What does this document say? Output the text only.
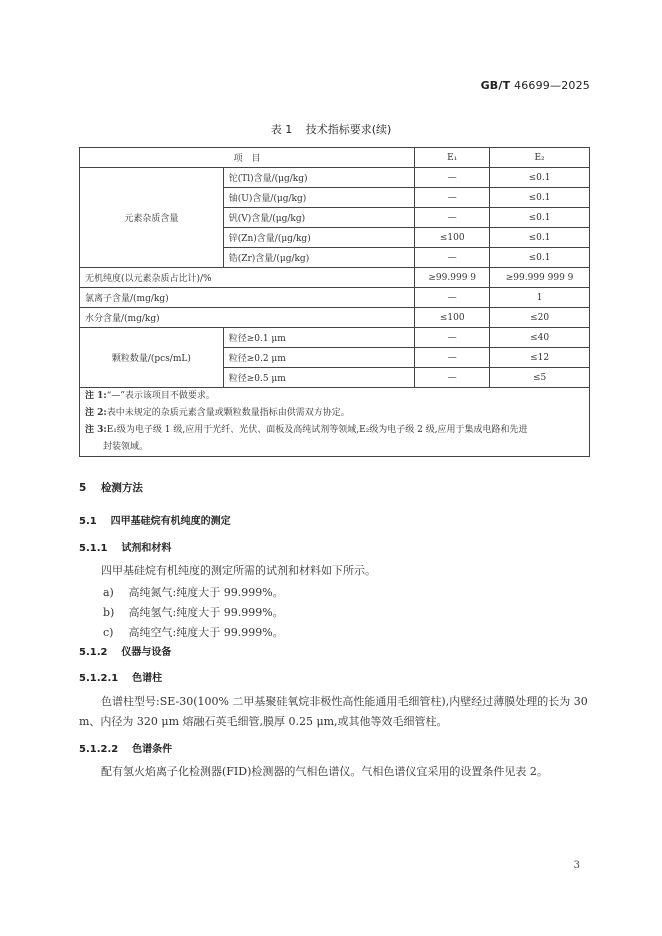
GB/T 46699—2025
表 1 技术指标要求(续)
项　目		E₁	E₂
元素杂质含量	铊(Tl)含量/(μg/kg)	—	≤0.1
	铀(U)含量/(μg/kg)	—	≤0.1
	钒(V)含量/(μg/kg)	—	≤0.1
	锌(Zn)含量/(μg/kg)	≤100	≤0.1
	锆(Zr)含量/(μg/kg)	—	≤0.1
无机纯度(以元素杂质占比计)/%		≥99.999 9	≥99.999 999 9
氯离子含量/(mg/kg)		—	1
水分含量/(mg/kg)		≤100	≤20
颗粒数量/(pcs/mL)	粒径≥0.1 μm	—	≤40
	粒径≥0.2 μm	—	≤12
	粒径≥0.5 μm	—	≤5

注 1:“—”表示该项目不做要求。
注 2:表中未规定的杂质元素含量或颗粒数量指标由供需双方协定。
注 3:E₁级为电子级 1 级,应用于光纤、光伏、面板及高纯试剂等领域,E₂级为电子级 2 级,应用于集成电路和先进
封装领域。			
5 检测方法
5.1 四甲基硅烷有机纯度的测定
5.1.1 试剂和材料
四甲基硅烷有机纯度的测定所需的试剂和材料如下所示。
a) 高纯氮气:纯度大于 99.999%。
b) 高纯氢气:纯度大于 99.999%。
c) 高纯空气:纯度大于 99.999%。
5.1.2 仪器与设备
5.1.2.1 色谱柱
色谱柱型号:SE-30(100% 二甲基聚硅氧烷非极性高性能通用毛细管柱),内壁经过薄膜处理的长为 30 m、内径为 320 μm 熔融石英毛细管,膜厚 0.25 μm,或其他等效毛细管柱。
5.1.2.2 色谱条件
配有氢火焰离子化检测器(FID)检测器的气相色谱仪。气相色谱仪宜采用的设置条件见表 2。
3
